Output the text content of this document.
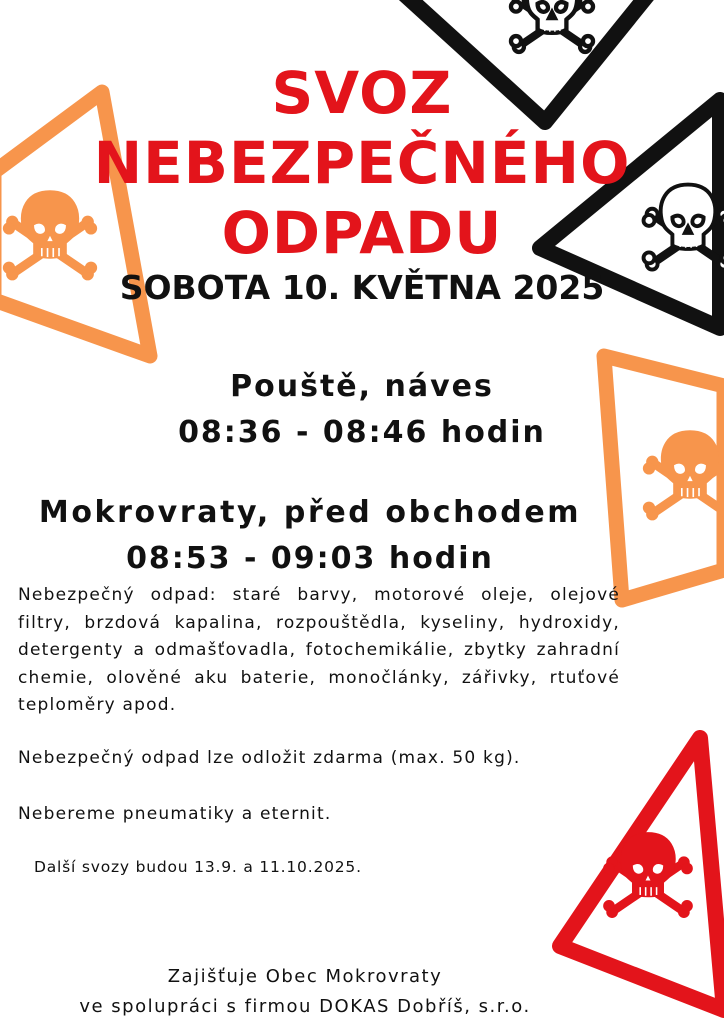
SVOZ
NEBEZPEČNÉHO
ODPADU
SOBOTA 10. KVĚTNA 2025
Pouště, náves
08:36 - 08:46 hodin
Mokrovraty, před obchodem
08:53 - 09:03 hodin
Nebezpečný odpad: staré barvy, motorové oleje, olejové filtry, brzdová kapalina, rozpouštědla, kyseliny, hydroxidy, detergenty a odmašťovadla, fotochemikálie, zbytky zahradní chemie, olověné aku baterie, monočlánky, zářivky, rtuťové teploměry apod.
Nebezpečný odpad lze odložit zdarma (max. 50 kg).
Nebereme pneumatiky a eternit.
Další svozy budou 13.9. a 11.10.2025.
Zajišťuje Obec Mokrovraty
ve spolupráci s firmou DOKAS Dobříš, s.r.o.
